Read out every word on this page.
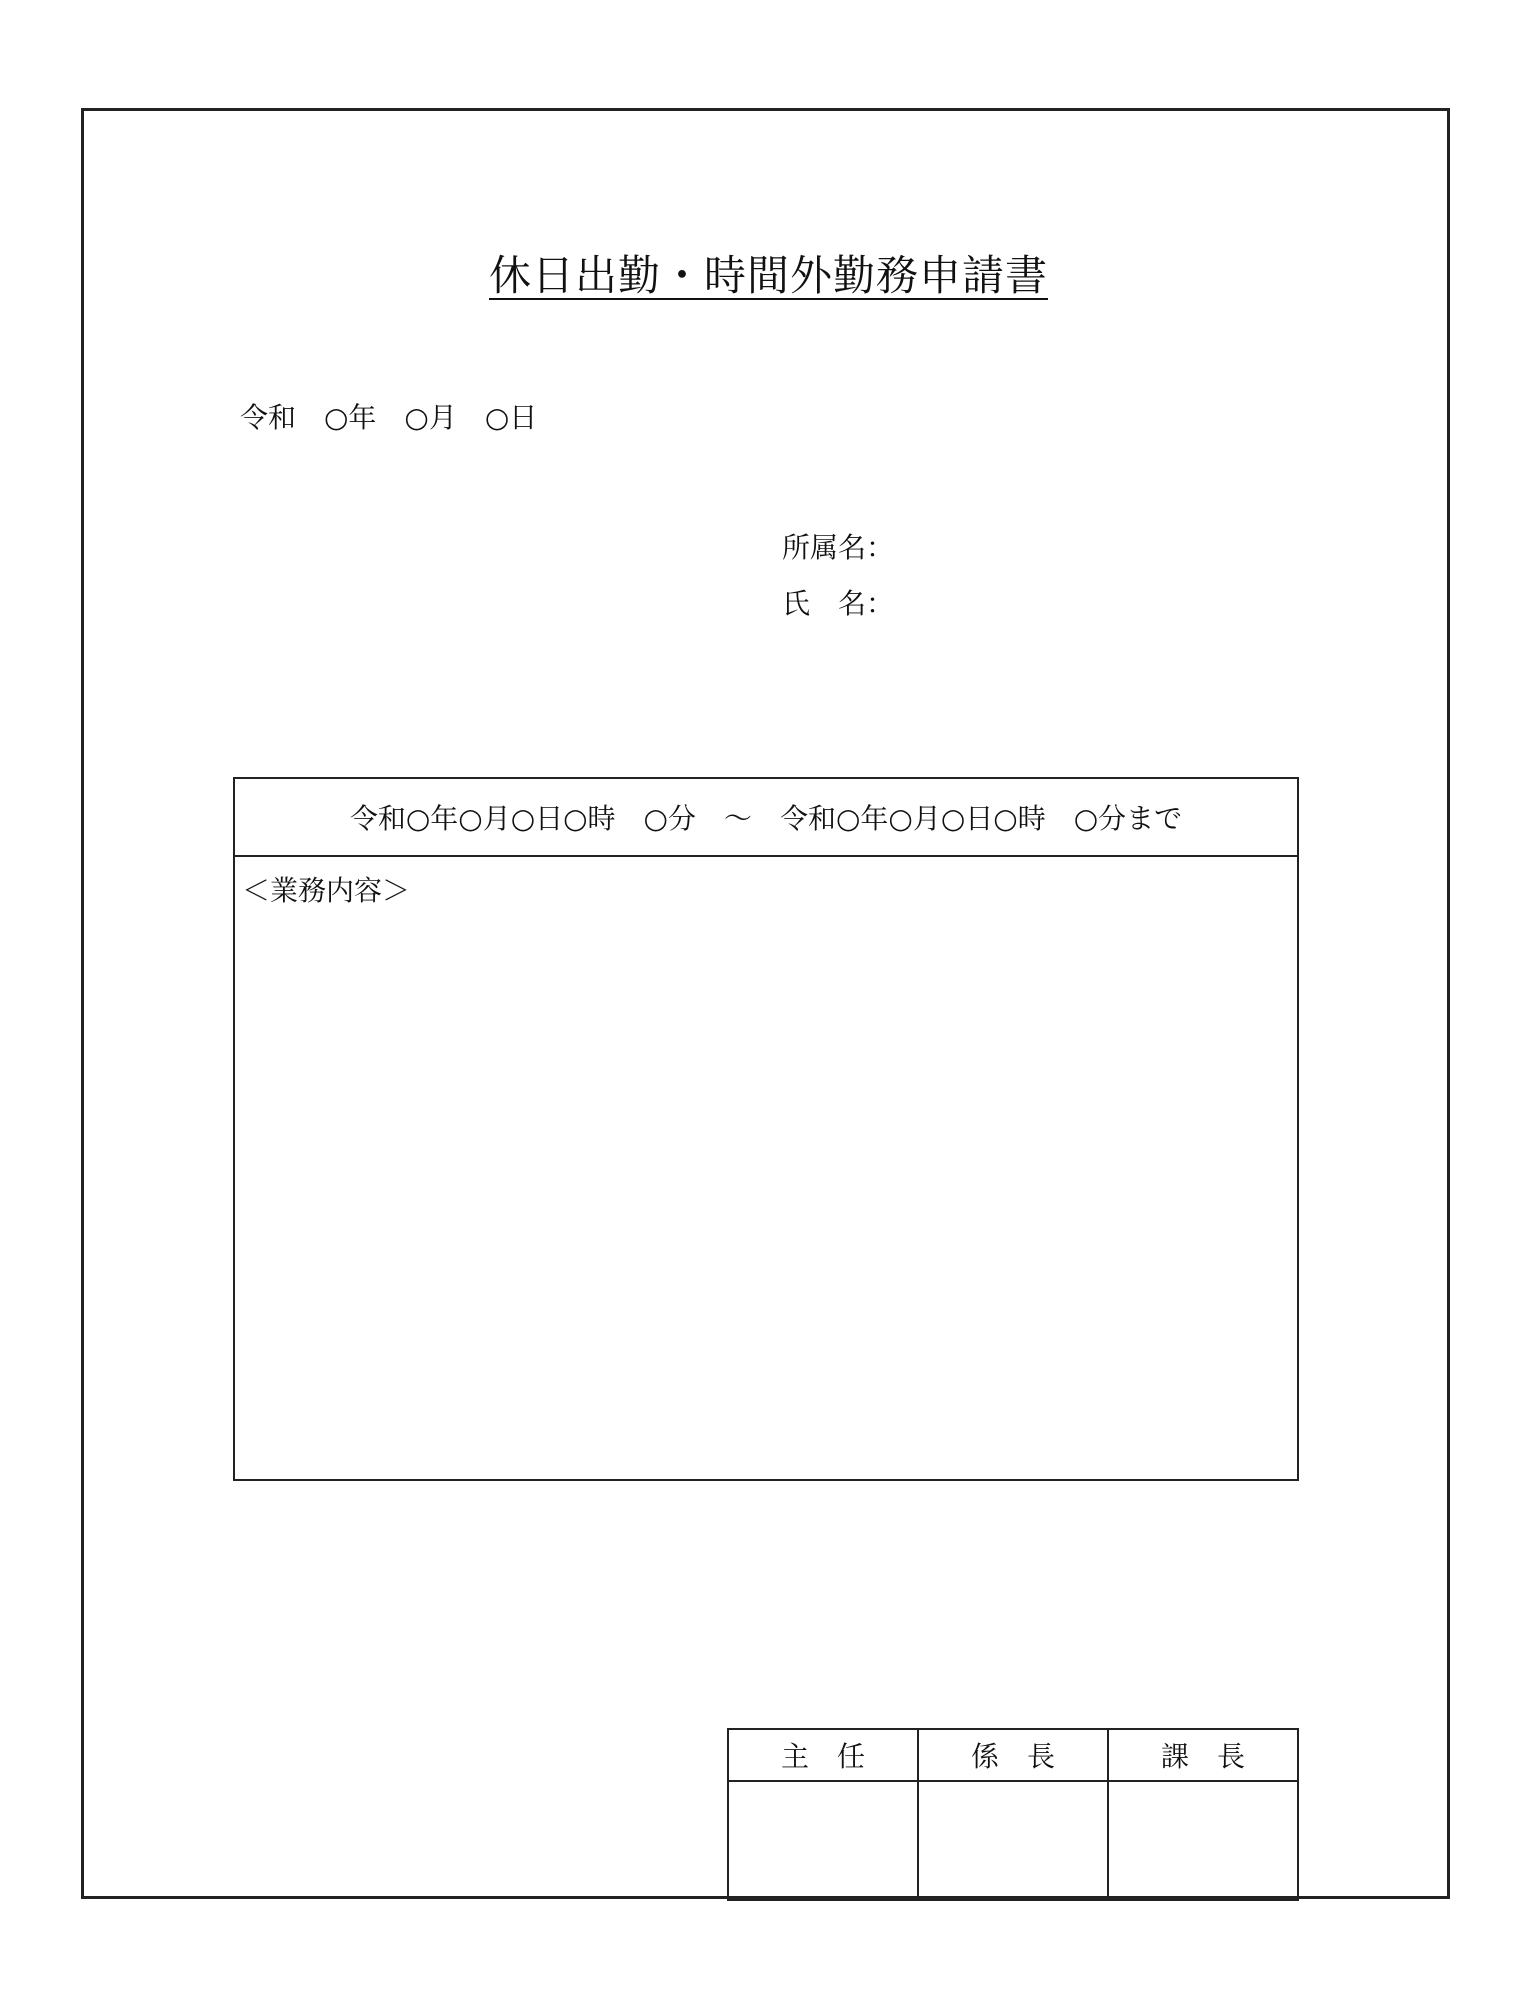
休日出勤・時間外勤務申請書
令和　○年　○月　○日
所属名：
氏　名：
令和○年○月○日○時　○分　～　令和○年○月○日○時　○分まで
＜業務内容＞
主　任	係　長	課　長
